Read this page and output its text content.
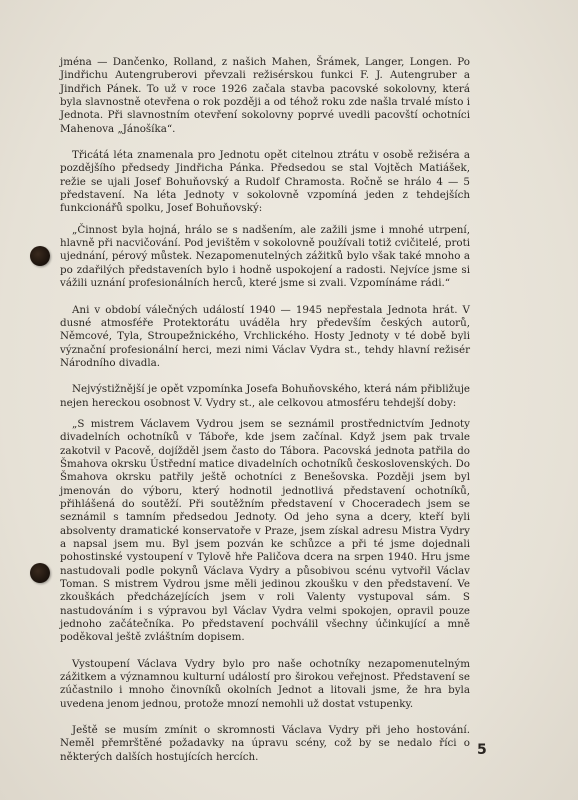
jména — Dančenko, Rolland, z našich Mahen, Šrámek, Langer, Longen. Po Jindřichu Autengruberovi převzali režisérskou funkci F. J. Autengruber a Jindřich Pánek. To už v roce 1926 začala stavba pacovské sokolovny, která byla slavnostně otevřena o rok později a od téhož roku zde našla trvalé místo i Jednota. Při slavnostním otevření sokolovny poprvé uvedli pacovští ochotníci Mahenova „Jánošíka“.

Třicátá léta znamenala pro Jednotu opět citelnou ztrátu v osobě režiséra a pozdějšího předsedy Jindřicha Pánka. Předsedou se stal Vojtěch Matiášek, režie se ujali Josef Bohuňovský a Rudolf Chramosta. Ročně se hrálo 4 — 5 představení. Na léta Jednoty v sokolovně vzpomíná jeden z tehdejších funkcionářů spolku, Josef Bohuňovský:

„Činnost byla hojná, hrálo se s nadšením, ale zažili jsme i mnohé utrpení, hlavně při nacvičování. Pod jevištěm v sokolovně používali totiž cvičitelé, proti ujednání, pérový můstek. Nezapomenutelných zážitků bylo však také mnoho a po zdařilých představeních bylo i hodně uspokojení a radosti. Nejvíce jsme si vážili uznání profesionálních herců, které jsme si zvali. Vzpomínáme rádi.“

Ani v období válečných událostí 1940 — 1945 nepřestala Jednota hrát. V dusné atmosféře Protektorátu uváděla hry především českých autorů, Němcové, Tyla, Stroupežnického, Vrchlického. Hosty Jednoty v té době byli význační profesionální herci, mezi nimi Václav Vydra st., tehdy hlavní režisér Národního divadla.

Nejvýstižnější je opět vzpomínka Josefa Bohuňovského, která nám přibližuje nejen hereckou osobnost V. Vydry st., ale celkovou atmosféru tehdejší doby:

„S mistrem Václavem Vydrou jsem se seznámil prostřednictvím Jednoty divadelních ochotníků v Táboře, kde jsem začínal. Když jsem pak trvale zakotvil v Pacově, dojížděl jsem často do Tábora. Pacovská jednota patřila do Šmahova okrsku Ústřední matice divadelních ochotníků československých. Do Šmahova okrsku patřily ještě ochotníci z Benešovska. Později jsem byl jmenován do výboru, který hodnotil jednotlivá představení ochotníků, přihlášená do soutěží. Při soutěžním představení v Choceradech jsem se seznámil s tamním předsedou Jednoty. Od jeho syna a dcery, kteří byli absolventy dramatické konservatoře v Praze, jsem získal adresu Mistra Vydry a napsal jsem mu. Byl jsem pozván ke schůzce a při té jsme dojednali pohostinské vystoupení v Tylově hře Paličova dcera na srpen 1940. Hru jsme nastudovali podle pokynů Václava Vydry a působivou scénu vytvořil Václav Toman. S mistrem Vydrou jsme měli jedinou zkoušku v den představení. Ve zkouškách předcházejících jsem v roli Valenty vystupoval sám. S nastudováním i s výpravou byl Václav Vydra velmi spokojen, opravil pouze jednoho začátečníka. Po představení pochválil všechny účinkující a mně poděkoval ještě zvláštním dopisem.

Vystoupení Václava Vydry bylo pro naše ochotníky nezapomenutelným zážitkem a významnou kulturní událostí pro širokou veřejnost. Představení se zúčastnilo i mnoho činovníků okolních Jednot a litovali jsme, že hra byla uvedena jenom jednou, protože mnozí nemohli už dostat vstupenky.

Ještě se musím zmínit o skromnosti Václava Vydry při jeho hostování. Neměl přemrštěné požadavky na úpravu scény, což by se nedalo říci o některých dalších hostujících hercích.	5
